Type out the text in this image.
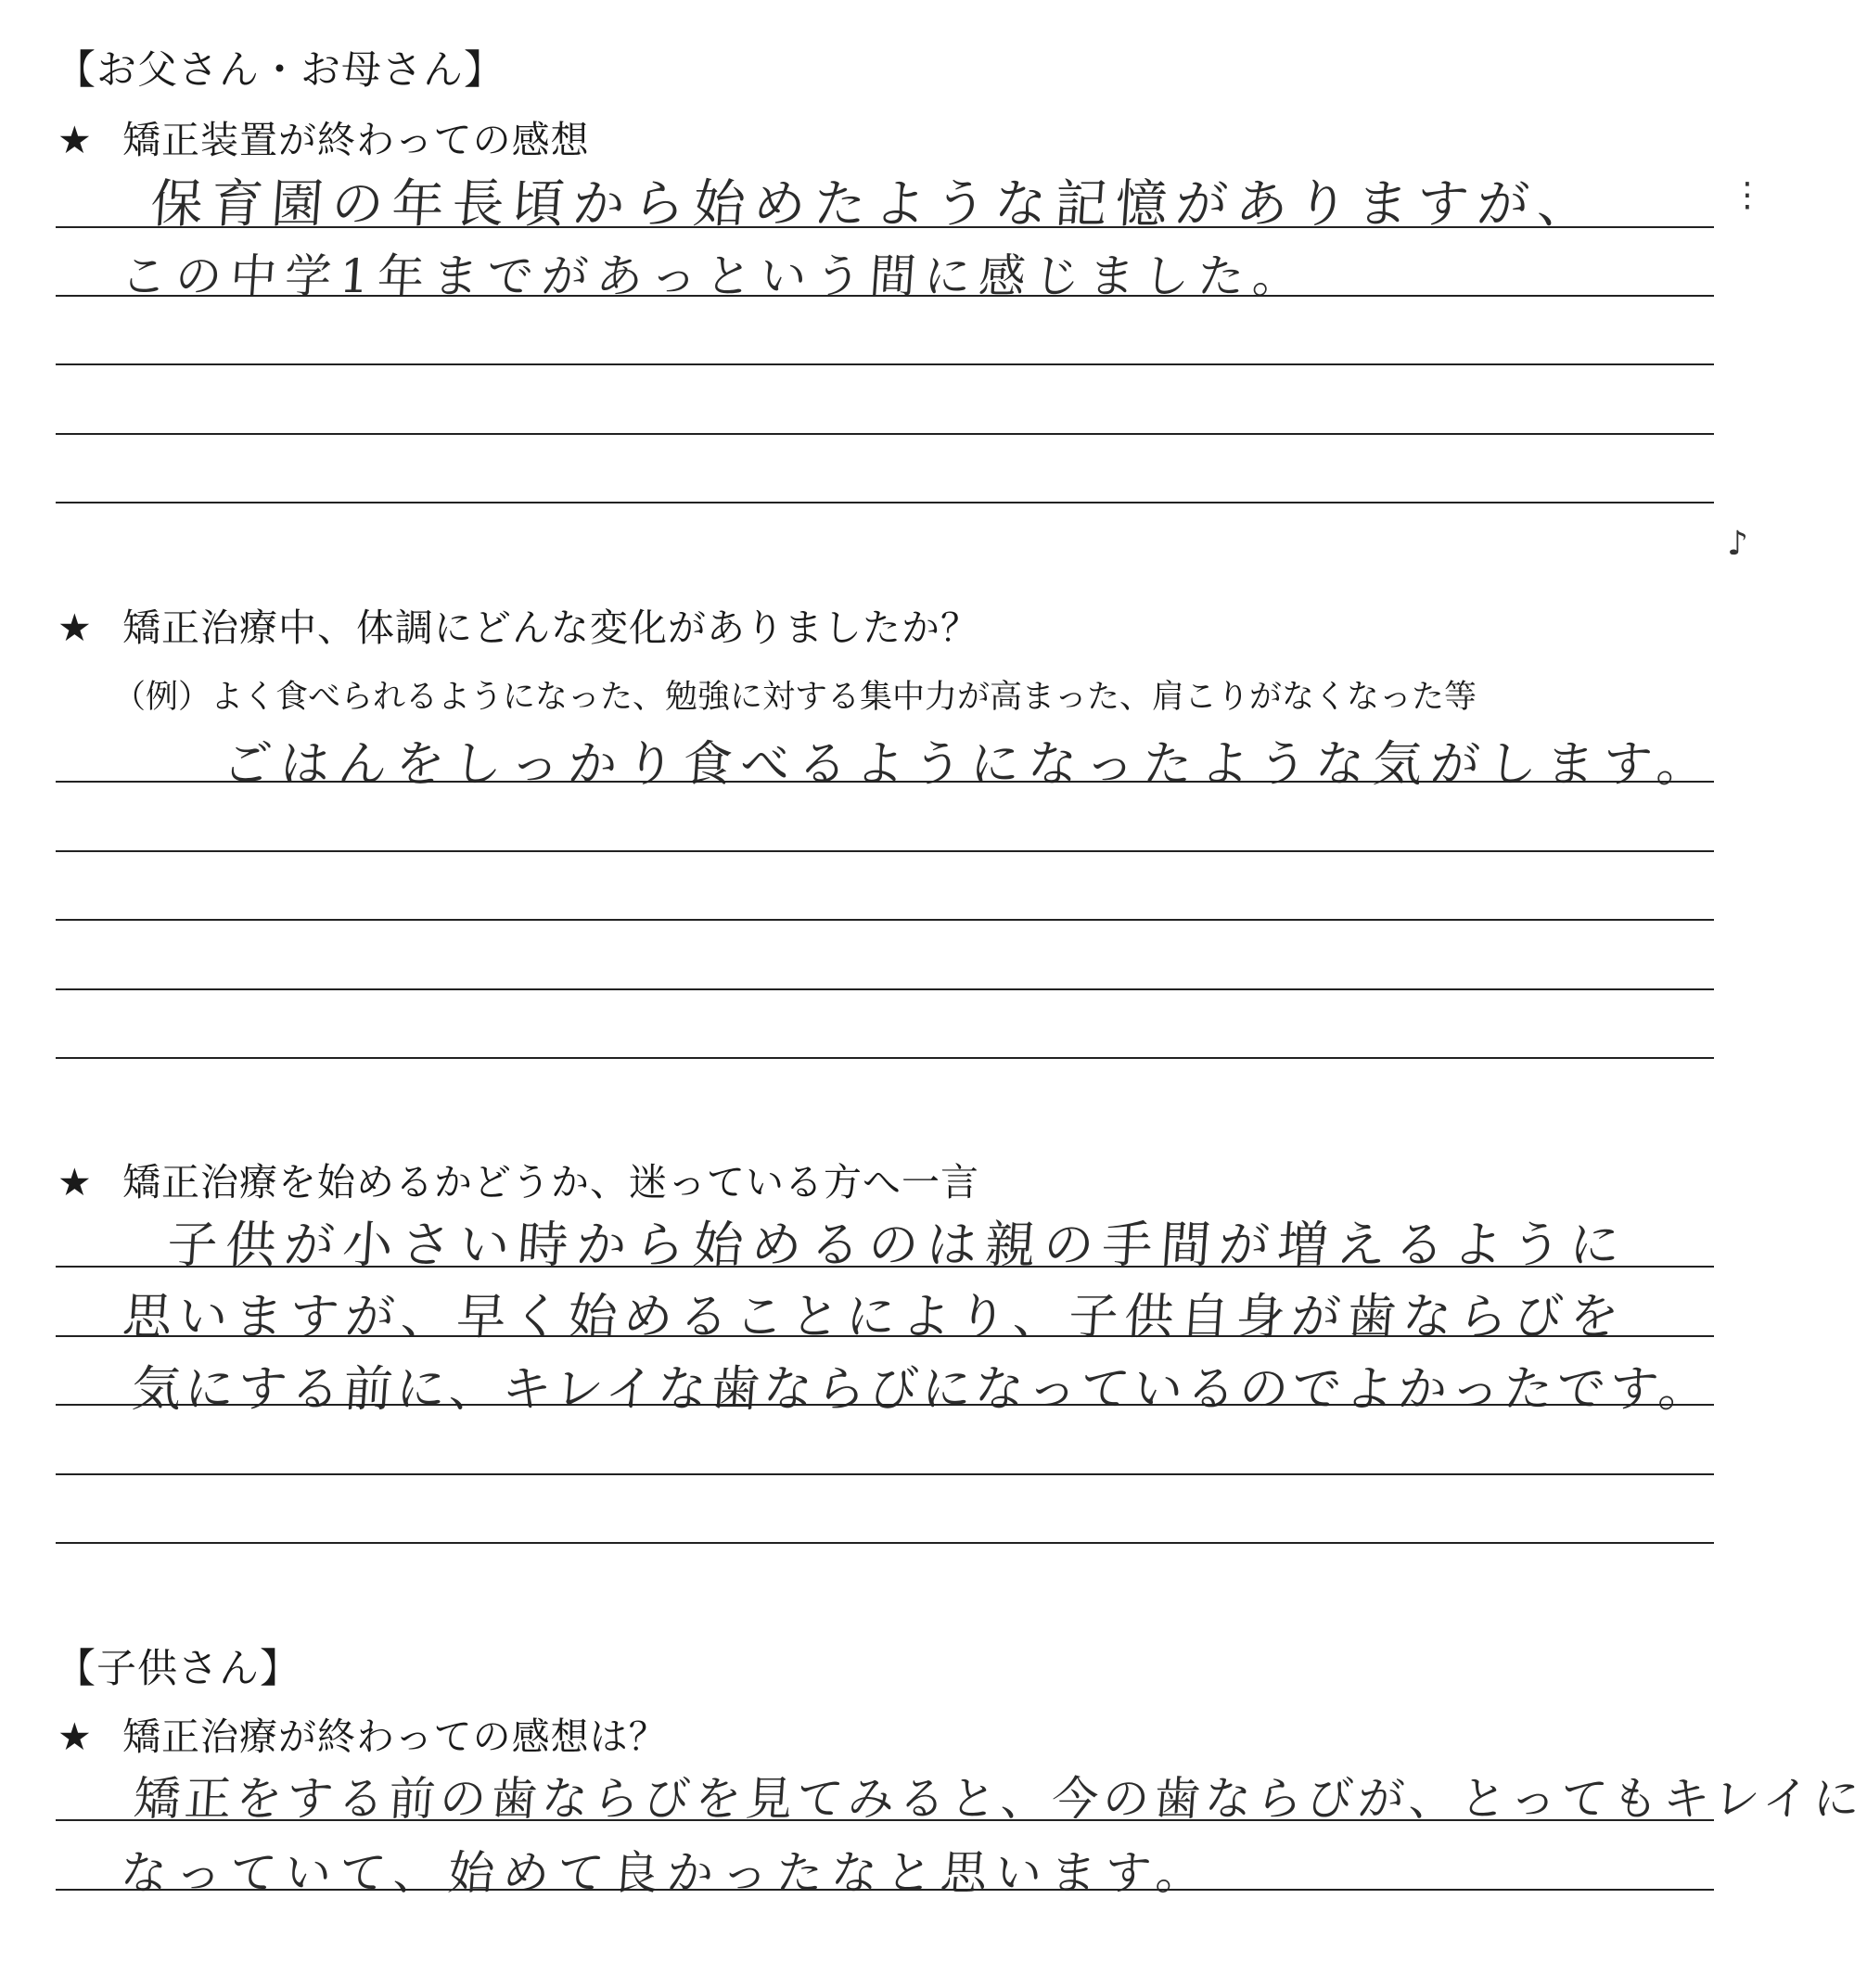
【お父さん・お母さん】
★ 矯正装置が終わっての感想
保育園の年長頃から始めたような記憶がありますが、
この中学1年までがあっという間に感じました。
★ 矯正治療中、体調にどんな変化がありましたか？
（例）よく食べられるようになった、勉強に対する集中力が高まった、肩こりがなくなった等
ごはんをしっかり食べるようになったような気がします。
★ 矯正治療を始めるかどうか、迷っている方へ一言
子供が小さい時から始めるのは親の手間が増えるように
思いますが、早く始めることにより、子供自身が歯ならびを
気にする前に、キレイな歯ならびになっているのでよかったです。
【子供さん】
★ 矯正治療が終わっての感想は？
矯正をする前の歯ならびを見てみると、今の歯ならびが、とってもキレイに
なっていて、始めて良かったなと思います。
⋮
♪
